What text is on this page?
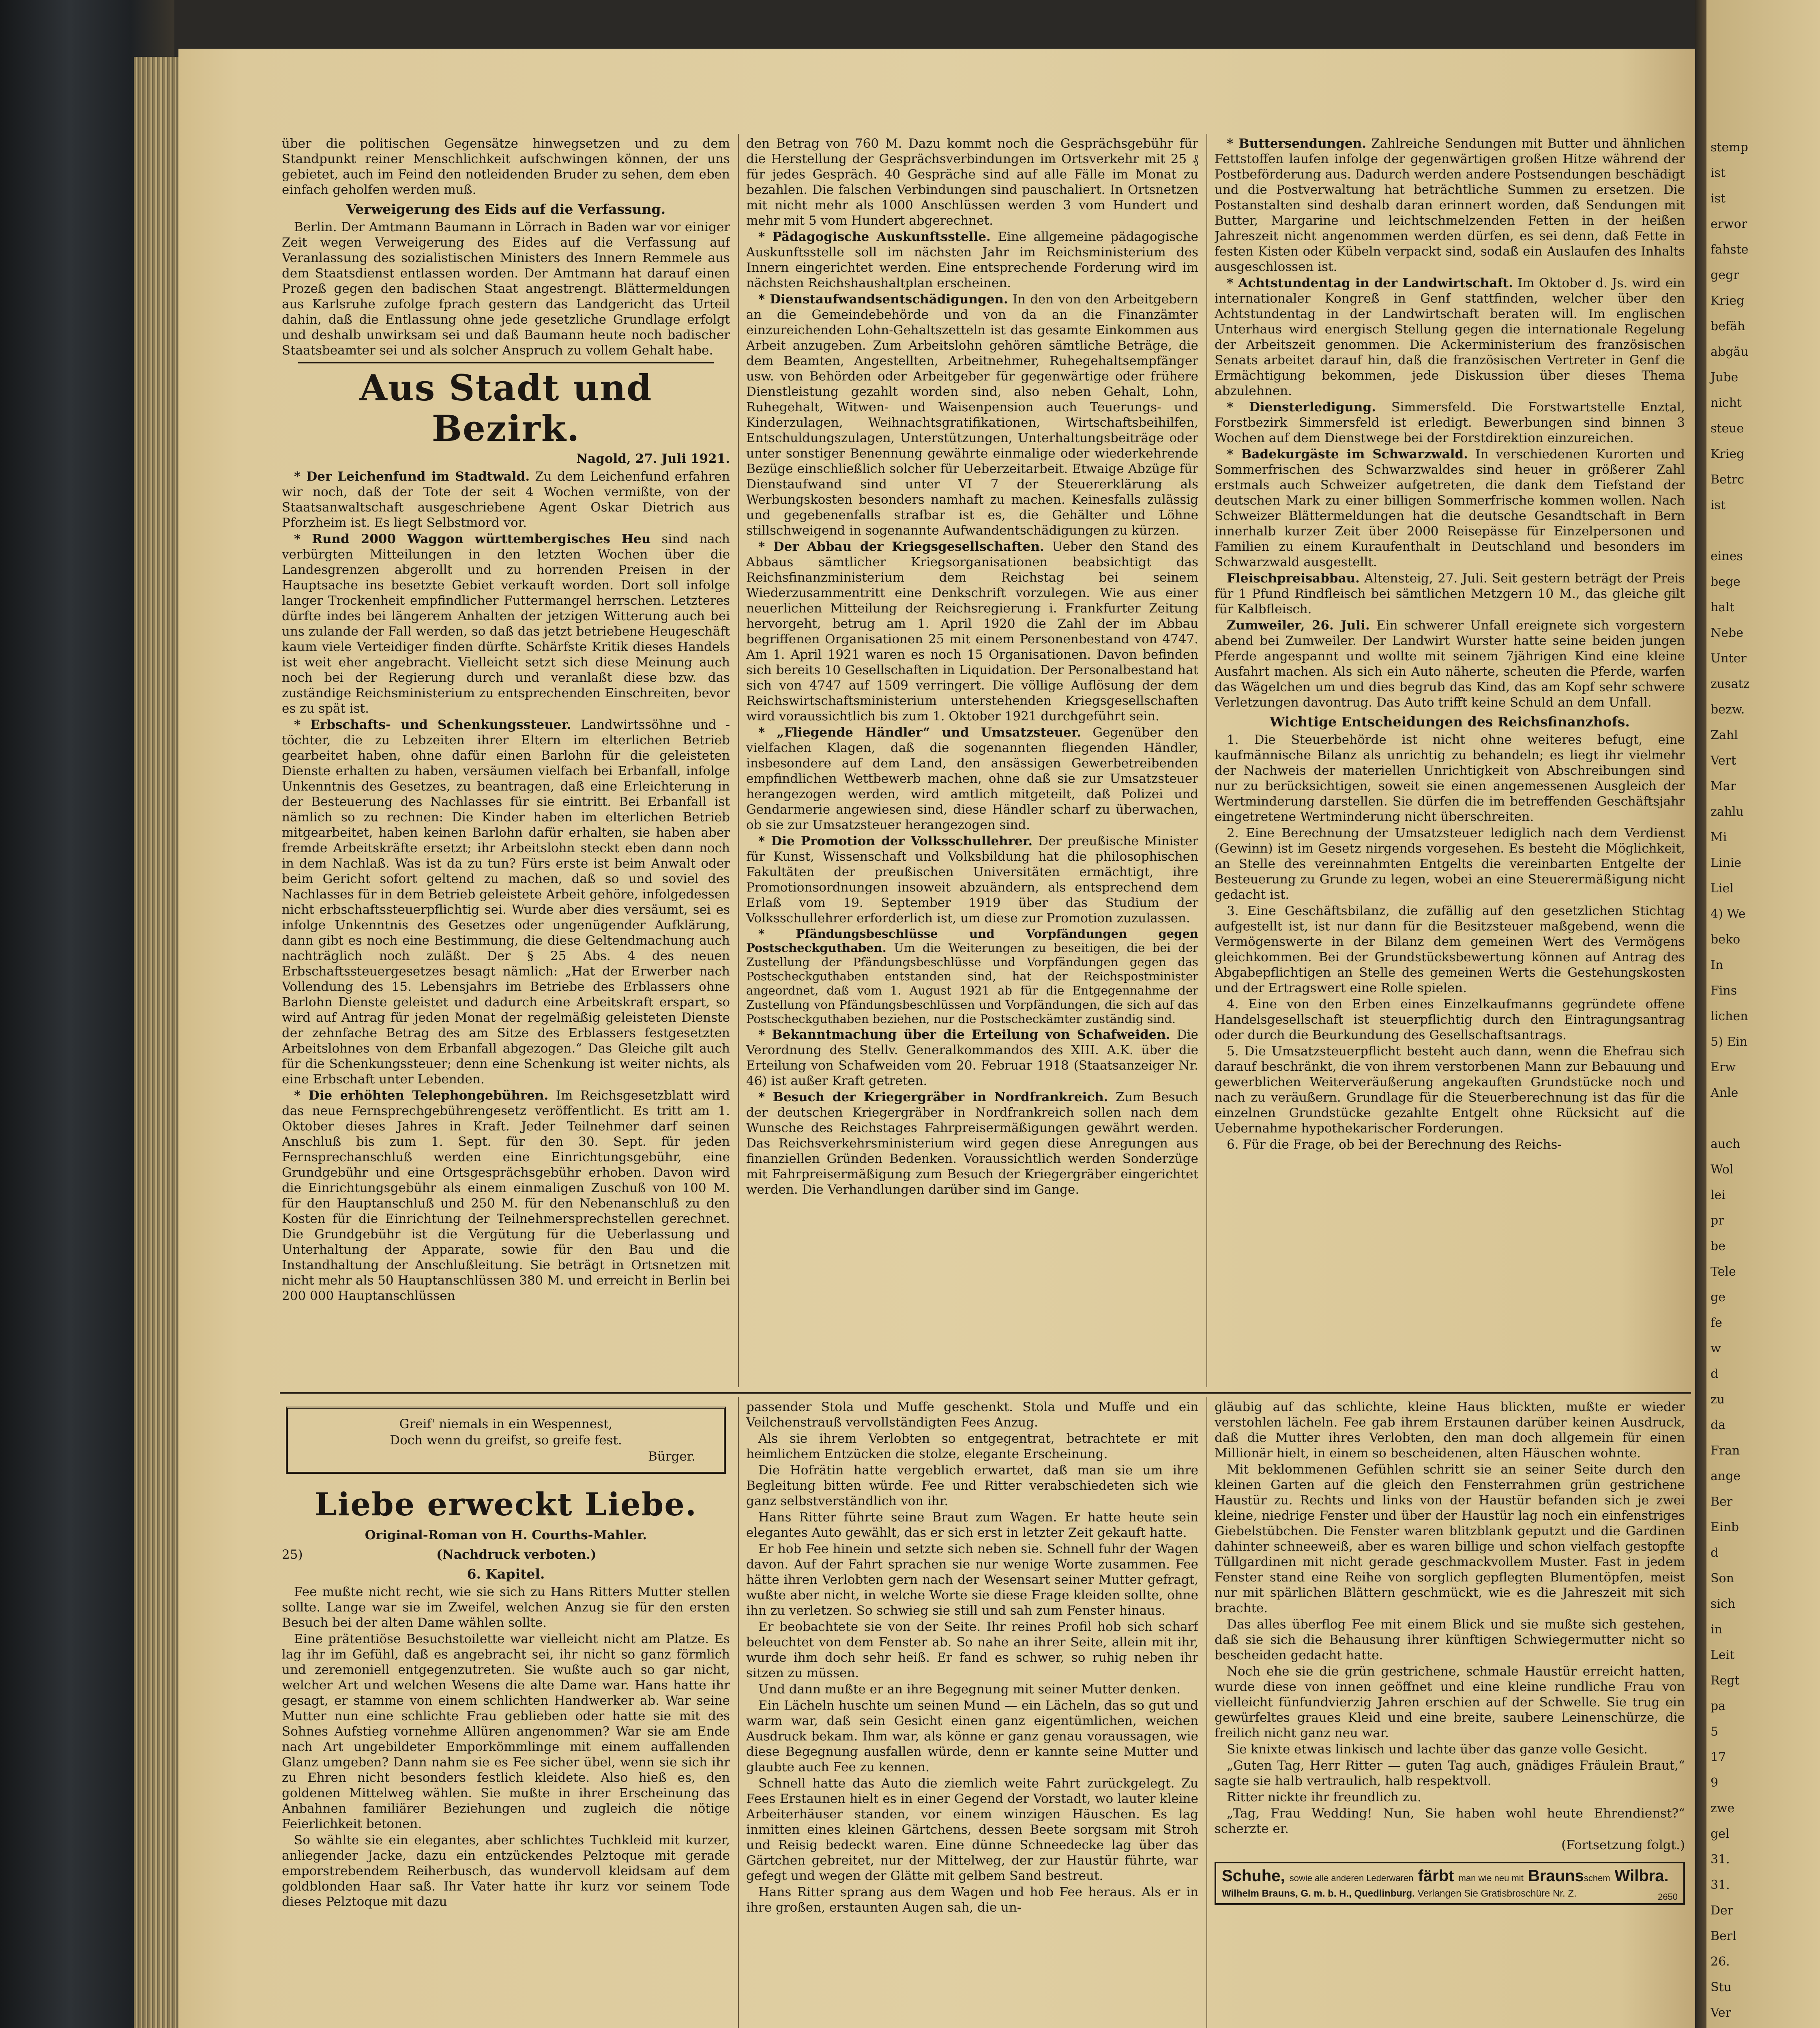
über die politischen Gegensätze hinwegsetzen und zu dem Standpunkt reiner Menschlichkeit aufschwingen können, der uns gebietet, auch im Feind den notleidenden Bruder zu sehen, dem eben einfach geholfen werden muß.

Verweigerung des Eids auf die Verfassung.

Berlin. Der Amtmann Baumann in Lörrach in Baden war vor einiger Zeit wegen Verweigerung des Eides auf die Verfassung auf Veranlassung des sozialistischen Ministers des Innern Remmele aus dem Staatsdienst entlassen worden. Der Amtmann hat darauf einen Prozeß gegen den badischen Staat angestrengt. Blättermeldungen aus Karlsruhe zufolge fprach gestern das Landgericht das Urteil dahin, daß die Entlassung ohne jede gesetzliche Grundlage erfolgt und deshalb unwirksam sei und daß Baumann heute noch badischer Staatsbeamter sei und als solcher Anspruch zu vollem Gehalt habe.

Aus Stadt und Bezirk.
Nagold, 27. Juli 1921.

* Der Leichenfund im Stadtwald. Zu dem Leichenfund erfahren wir noch, daß der Tote der seit 4 Wochen vermißte, von der Staatsanwaltschaft ausgeschriebene Agent Oskar Dietrich aus Pforzheim ist. Es liegt Selbstmord vor.

* Rund 2000 Waggon württembergisches Heu sind nach verbürgten Mitteilungen in den letzten Wochen über die Landesgrenzen abgerollt und zu horrenden Preisen in der Hauptsache ins besetzte Gebiet verkauft worden. Dort soll infolge langer Trockenheit empfindlicher Futtermangel herrschen. Letzteres dürfte indes bei längerem Anhalten der jetzigen Witterung auch bei uns zulande der Fall werden, so daß das jetzt betriebene Heugeschäft kaum viele Verteidiger finden dürfte. Schärfste Kritik dieses Handels ist weit eher angebracht. Vielleicht setzt sich diese Meinung auch noch bei der Regierung durch und veranlaßt diese bzw. das zuständige Reichsministerium zu entsprechenden Einschreiten, bevor es zu spät ist.

* Erbschafts- und Schenkungssteuer. Landwirtssöhne und -töchter, die zu Lebzeiten ihrer Eltern im elterlichen Betrieb gearbeitet haben, ohne dafür einen Barlohn für die geleisteten Dienste erhalten zu haben, versäumen vielfach bei Erbanfall, infolge Unkenntnis des Gesetzes, zu beantragen, daß eine Erleichterung in der Besteuerung des Nachlasses für sie eintritt. Bei Erbanfall ist nämlich so zu rechnen: Die Kinder haben im elterlichen Betrieb mitgearbeitet, haben keinen Barlohn dafür erhalten, sie haben aber fremde Arbeitskräfte ersetzt; ihr Arbeitslohn steckt eben dann noch in dem Nachlaß. Was ist da zu tun? Fürs erste ist beim Anwalt oder beim Gericht sofort geltend zu machen, daß so und soviel des Nachlasses für in dem Betrieb geleistete Arbeit gehöre, infolgedessen nicht erbschaftssteuerpflichtig sei. Wurde aber dies versäumt, sei es infolge Unkenntnis des Gesetzes oder ungenügender Aufklärung, dann gibt es noch eine Bestimmung, die diese Geltendmachung auch nachträglich noch zuläßt. Der § 25 Abs. 4 des neuen Erbschaftssteuergesetzes besagt nämlich: „Hat der Erwerber nach Vollendung des 15. Lebensjahrs im Betriebe des Erblassers ohne Barlohn Dienste geleistet und dadurch eine Arbeitskraft erspart, so wird auf Antrag für jeden Monat der regelmäßig geleisteten Dienste der zehnfache Betrag des am Sitze des Erblassers festgesetzten Arbeitslohnes von dem Erbanfall abgezogen.“ Das Gleiche gilt auch für die Schenkungssteuer; denn eine Schenkung ist weiter nichts, als eine Erbschaft unter Lebenden.

* Die erhöhten Telephongebühren. Im Reichsgesetzblatt wird das neue Fernsprechgebührengesetz veröffentlicht. Es tritt am 1. Oktober dieses Jahres in Kraft. Jeder Teilnehmer darf seinen Anschluß bis zum 1. Sept. für den 30. Sept. für jeden Fernsprechanschluß werden eine Einrichtungsgebühr, eine Grundgebühr und eine Ortsgesprächsgebühr erhoben. Davon wird die Einrichtungsgebühr als einem einmaligen Zuschuß von 100 M. für den Hauptanschluß und 250 M. für den Nebenanschluß zu den Kosten für die Einrichtung der Teilnehmersprechstellen gerechnet. Die Grundgebühr ist die Vergütung für die Ueberlassung und Unterhaltung der Apparate, sowie für den Bau und die Instandhaltung der Anschlußleitung. Sie beträgt in Ortsnetzen mit nicht mehr als 50 Hauptanschlüssen 380 M. und erreicht in Berlin bei 200 000 Hauptanschlüssen

den Betrag von 760 M. Dazu kommt noch die Gesprächsgebühr für die Herstellung der Gesprächsverbindungen im Ortsverkehr mit 25 ₰ für jedes Gespräch. 40 Gespräche sind auf alle Fälle im Monat zu bezahlen. Die falschen Verbindungen sind pauschaliert. In Ortsnetzen mit nicht mehr als 1000 Anschlüssen werden 3 vom Hundert und mehr mit 5 vom Hundert abgerechnet.

* Pädagogische Auskunftsstelle. Eine allgemeine pädagogische Auskunftsstelle soll im nächsten Jahr im Reichsministerium des Innern eingerichtet werden. Eine entsprechende Forderung wird im nächsten Reichshaushaltplan erscheinen.

* Dienstaufwandsentschädigungen. In den von den Arbeitgebern an die Gemeindebehörde und von da an die Finanzämter einzureichenden Lohn-Gehaltszetteln ist das gesamte Einkommen aus Arbeit anzugeben. Zum Arbeitslohn gehören sämtliche Beträge, die dem Beamten, Angestellten, Arbeitnehmer, Ruhegehaltsempfänger usw. von Behörden oder Arbeitgeber für gegenwärtige oder frühere Dienstleistung gezahlt worden sind, also neben Gehalt, Lohn, Ruhegehalt, Witwen- und Waisenpension auch Teuerungs- und Kinderzulagen, Weihnachtsgratifikationen, Wirtschaftsbeihilfen, Entschuldungszulagen, Unterstützungen, Unterhaltungsbeiträge oder unter sonstiger Benennung gewährte einmalige oder wiederkehrende Bezüge einschließlich solcher für Ueberzeitarbeit. Etwaige Abzüge für Dienstaufwand sind unter VI 7 der Steuererklärung als Werbungskosten besonders namhaft zu machen. Keinesfalls zulässig und gegebenenfalls strafbar ist es, die Gehälter und Löhne stillschweigend in sogenannte Aufwandentschädigungen zu kürzen.

* Der Abbau der Kriegsgesellschaften. Ueber den Stand des Abbaus sämtlicher Kriegsorganisationen beabsichtigt das Reichsfinanzministerium dem Reichstag bei seinem Wiederzusammentritt eine Denkschrift vorzulegen. Wie aus einer neuerlichen Mitteilung der Reichsregierung i. Frankfurter Zeitung hervorgeht, betrug am 1. April 1920 die Zahl der im Abbau begriffenen Organisationen 25 mit einem Personenbestand von 4747. Am 1. April 1921 waren es noch 15 Organisationen. Davon befinden sich bereits 10 Gesellschaften in Liquidation. Der Personalbestand hat sich von 4747 auf 1509 verringert. Die völlige Auflösung der dem Reichswirtschaftsministerium unterstehenden Kriegsgesellschaften wird voraussichtlich bis zum 1. Oktober 1921 durchgeführt sein.

* „Fliegende Händler“ und Umsatzsteuer. Gegenüber den vielfachen Klagen, daß die sogenannten fliegenden Händler, insbesondere auf dem Land, den ansässigen Gewerbetreibenden empfindlichen Wettbewerb machen, ohne daß sie zur Umsatzsteuer herangezogen werden, wird amtlich mitgeteilt, daß Polizei und Gendarmerie angewiesen sind, diese Händler scharf zu überwachen, ob sie zur Umsatzsteuer herangezogen sind.

* Die Promotion der Volksschullehrer. Der preußische Minister für Kunst, Wissenschaft und Volksbildung hat die philosophischen Fakultäten der preußischen Universitäten ermächtigt, ihre Promotionsordnungen insoweit abzuändern, als entsprechend dem Erlaß vom 19. September 1919 über das Studium der Volksschullehrer erforderlich ist, um diese zur Promotion zuzulassen.

* Pfändungsbeschlüsse und Vorpfändungen gegen Postscheckguthaben. Um die Weiterungen zu beseitigen, die bei der Zustellung der Pfändungsbeschlüsse und Vorpfändungen gegen das Postscheckguthaben entstanden sind, hat der Reichspostminister angeordnet, daß vom 1. August 1921 ab für die Entgegennahme der Zustellung von Pfändungsbeschlüssen und Vorpfändungen, die sich auf das Postscheckguthaben beziehen, nur die Postscheckämter zuständig sind.

* Bekanntmachung über die Erteilung von Schafweiden. Die Verordnung des Stellv. Generalkommandos des XIII. A.K. über die Erteilung von Schafweiden vom 20. Februar 1918 (Staatsanzeiger Nr. 46) ist außer Kraft getreten.

* Besuch der Kriegergräber in Nordfrankreich. Zum Besuch der deutschen Kriegergräber in Nordfrankreich sollen nach dem Wunsche des Reichstages Fahrpreisermäßigungen gewährt werden. Das Reichsverkehrsministerium wird gegen diese Anregungen aus finanziellen Gründen Bedenken. Voraussichtlich werden Sonderzüge mit Fahrpreisermäßigung zum Besuch der Kriegergräber eingerichtet werden. Die Verhandlungen darüber sind im Gange.

* Buttersendungen. Zahlreiche Sendungen mit Butter und ähnlichen Fettstoffen laufen infolge der gegenwärtigen großen Hitze während der Postbeförderung aus. Dadurch werden andere Postsendungen beschädigt und die Postverwaltung hat beträchtliche Summen zu ersetzen. Die Postanstalten sind deshalb daran erinnert worden, daß Sendungen mit Butter, Margarine und leichtschmelzenden Fetten in der heißen Jahreszeit nicht angenommen werden dürfen, es sei denn, daß Fette in festen Kisten oder Kübeln verpackt sind, sodaß ein Auslaufen des Inhalts ausgeschlossen ist.

* Achtstundentag in der Landwirtschaft. Im Oktober d. Js. wird ein internationaler Kongreß in Genf stattfinden, welcher über den Achtstundentag in der Landwirtschaft beraten will. Im englischen Unterhaus wird energisch Stellung gegen die internationale Regelung der Arbeitszeit genommen. Die Ackerministerium des französischen Senats arbeitet darauf hin, daß die französischen Vertreter in Genf die Ermächtigung bekommen, jede Diskussion über dieses Thema abzulehnen.

* Diensterledigung. Simmersfeld. Die Forstwartstelle Enztal, Forstbezirk Simmersfeld ist erledigt. Bewerbungen sind binnen 3 Wochen auf dem Dienstwege bei der Forstdirektion einzureichen.

* Badekurgäste im Schwarzwald. In verschiedenen Kurorten und Sommerfrischen des Schwarzwaldes sind heuer in größerer Zahl erstmals auch Schweizer aufgetreten, die dank dem Tiefstand der deutschen Mark zu einer billigen Sommerfrische kommen wollen. Nach Schweizer Blättermeldungen hat die deutsche Gesandtschaft in Bern innerhalb kurzer Zeit über 2000 Reisepässe für Einzelpersonen und Familien zu einem Kuraufenthalt in Deutschland und besonders im Schwarzwald ausgestellt.

Fleischpreisabbau. Altensteig, 27. Juli. Seit gestern beträgt der Preis für 1 Pfund Rindfleisch bei sämtlichen Metzgern 10 M., das gleiche gilt für Kalbfleisch.

Zumweiler, 26. Juli. Ein schwerer Unfall ereignete sich vorgestern abend bei Zumweiler. Der Landwirt Wurster hatte seine beiden jungen Pferde angespannt und wollte mit seinem 7jährigen Kind eine kleine Ausfahrt machen. Als sich ein Auto näherte, scheuten die Pferde, warfen das Wägelchen um und dies begrub das Kind, das am Kopf sehr schwere Verletzungen davontrug. Das Auto trifft keine Schuld an dem Unfall.

Wichtige Entscheidungen des Reichsfinanzhofs.

1. Die Steuerbehörde ist nicht ohne weiteres befugt, eine kaufmännische Bilanz als unrichtig zu behandeln; es liegt ihr vielmehr der Nachweis der materiellen Unrichtigkeit von Abschreibungen sind nur zu berücksichtigen, soweit sie einen angemessenen Ausgleich der Wertminderung darstellen. Sie dürfen die im betreffenden Geschäftsjahr eingetretene Wertminderung nicht überschreiten.

2. Eine Berechnung der Umsatzsteuer lediglich nach dem Verdienst (Gewinn) ist im Gesetz nirgends vorgesehen. Es besteht die Möglichkeit, an Stelle des vereinnahmten Entgelts die vereinbarten Entgelte der Besteuerung zu Grunde zu legen, wobei an eine Steuerermäßigung nicht gedacht ist.

3. Eine Geschäftsbilanz, die zufällig auf den gesetzlichen Stichtag aufgestellt ist, ist nur dann für die Besitzsteuer maßgebend, wenn die Vermögenswerte in der Bilanz dem gemeinen Wert des Vermögens gleichkommen. Bei der Grundstücksbewertung können auf Antrag des Abgabepflichtigen an Stelle des gemeinen Werts die Gestehungskosten und der Ertragswert eine Rolle spielen.

4. Eine von den Erben eines Einzelkaufmanns gegründete offene Handelsgesellschaft ist steuerpflichtig durch den Eintragungsantrag oder durch die Beurkundung des Gesellschaftsantrags.

5. Die Umsatzsteuerpflicht besteht auch dann, wenn die Ehefrau sich darauf beschränkt, die von ihrem verstorbenen Mann zur Bebauung und gewerblichen Weiterveräußerung angekauften Grundstücke noch und nach zu veräußern. Grundlage für die Steuerberechnung ist das für die einzelnen Grundstücke gezahlte Entgelt ohne Rücksicht auf die Uebernahme hypothekarischer Forderungen.

6. Für die Frage, ob bei der Berechnung des Reichs-

Greif' niemals in ein Wespennest,
Doch wenn du greifst, so greife fest.
Bürger.
Liebe erweckt Liebe.
Original-Roman von H. Courths-Mahler.
25)	(Nachdruck verboten.)
6. Kapitel.

Fee mußte nicht recht, wie sie sich zu Hans Ritters Mutter stellen sollte. Lange war sie im Zweifel, welchen Anzug sie für den ersten Besuch bei der alten Dame wählen sollte.

Eine prätentiöse Besuchstoilette war vielleicht nicht am Platze. Es lag ihr im Gefühl, daß es angebracht sei, ihr nicht so ganz förmlich und zeremoniell entgegenzutreten. Sie wußte auch so gar nicht, welcher Art und welchen Wesens die alte Dame war. Hans hatte ihr gesagt, er stamme von einem schlichten Handwerker ab. War seine Mutter nun eine schlichte Frau geblieben oder hatte sie mit des Sohnes Aufstieg vornehme Allüren angenommen? War sie am Ende nach Art ungebildeter Emporkömmlinge mit einem auffallenden Glanz umgeben? Dann nahm sie es Fee sicher übel, wenn sie sich ihr zu Ehren nicht besonders festlich kleidete. Also hieß es, den goldenen Mittelweg wählen. Sie mußte in ihrer Erscheinung das Anbahnen familiärer Beziehungen und zugleich die nötige Feierlichkeit betonen.

So wählte sie ein elegantes, aber schlichtes Tuchkleid mit kurzer, anliegender Jacke, dazu ein entzückendes Pelztoque mit gerade emporstrebendem Reiherbusch, das wundervoll kleidsam auf dem goldblonden Haar saß. Ihr Vater hatte ihr kurz vor seinem Tode dieses Pelztoque mit dazu

passender Stola und Muffe geschenkt. Stola und Muffe und ein Veilchenstrauß vervollständigten Fees Anzug.

Als sie ihrem Verlobten so entgegentrat, betrachtete er mit heimlichem Entzücken die stolze, elegante Erscheinung.

Die Hofrätin hatte vergeblich erwartet, daß man sie um ihre Begleitung bitten würde. Fee und Ritter verabschiedeten sich wie ganz selbstverständlich von ihr.

Hans Ritter führte seine Braut zum Wagen. Er hatte heute sein elegantes Auto gewählt, das er sich erst in letzter Zeit gekauft hatte.

Er hob Fee hinein und setzte sich neben sie. Schnell fuhr der Wagen davon. Auf der Fahrt sprachen sie nur wenige Worte zusammen. Fee hätte ihren Verlobten gern nach der Wesensart seiner Mutter gefragt, wußte aber nicht, in welche Worte sie diese Frage kleiden sollte, ohne ihn zu verletzen. So schwieg sie still und sah zum Fenster hinaus.

Er beobachtete sie von der Seite. Ihr reines Profil hob sich scharf beleuchtet von dem Fenster ab. So nahe an ihrer Seite, allein mit ihr, wurde ihm doch sehr heiß. Er fand es schwer, so ruhig neben ihr sitzen zu müssen.

Und dann mußte er an ihre Begegnung mit seiner Mutter denken.

Ein Lächeln huschte um seinen Mund — ein Lächeln, das so gut und warm war, daß sein Gesicht einen ganz eigentümlichen, weichen Ausdruck bekam. Ihm war, als könne er ganz genau voraussagen, wie diese Begegnung ausfallen würde, denn er kannte seine Mutter und glaubte auch Fee zu kennen.

Schnell hatte das Auto die ziemlich weite Fahrt zurückgelegt. Zu Fees Erstaunen hielt es in einer Gegend der Vorstadt, wo lauter kleine Arbeiterhäuser standen, vor einem winzigen Häuschen. Es lag inmitten eines kleinen Gärtchens, dessen Beete sorgsam mit Stroh und Reisig bedeckt waren. Eine dünne Schneedecke lag über das Gärtchen gebreitet, nur der Mittelweg, der zur Haustür führte, war gefegt und wegen der Glätte mit gelbem Sand bestreut.

Hans Ritter sprang aus dem Wagen und hob Fee heraus. Als er in ihre großen, erstaunten Augen sah, die un-

gläubig auf das schlichte, kleine Haus blickten, mußte er wieder verstohlen lächeln. Fee gab ihrem Erstaunen darüber keinen Ausdruck, daß die Mutter ihres Verlobten, den man doch allgemein für einen Millionär hielt, in einem so bescheidenen, alten Häuschen wohnte.

Mit beklommenen Gefühlen schritt sie an seiner Seite durch den kleinen Garten auf die gleich den Fensterrahmen grün gestrichene Haustür zu. Rechts und links von der Haustür befanden sich je zwei kleine, niedrige Fenster und über der Haustür lag noch ein einfenstriges Giebelstübchen. Die Fenster waren blitzblank geputzt und die Gardinen dahinter schneeweiß, aber es waren billige und schon vielfach gestopfte Tüllgardinen mit nicht gerade geschmackvollem Muster. Fast in jedem Fenster stand eine Reihe von sorglich gepflegten Blumentöpfen, meist nur mit spärlichen Blättern geschmückt, wie es die Jahreszeit mit sich brachte.

Das alles überflog Fee mit einem Blick und sie mußte sich gestehen, daß sie sich die Behausung ihrer künftigen Schwiegermutter nicht so bescheiden gedacht hatte.

Noch ehe sie die grün gestrichene, schmale Haustür erreicht hatten, wurde diese von innen geöffnet und eine kleine rundliche Frau von vielleicht fünfundvierzig Jahren erschien auf der Schwelle. Sie trug ein gewürfeltes graues Kleid und eine breite, saubere Leinenschürze, die freilich nicht ganz neu war.

Sie knixte etwas linkisch und lachte über das ganze volle Gesicht.

„Guten Tag, Herr Ritter — guten Tag auch, gnädiges Fräulein Braut,“ sagte sie halb vertraulich, halb respektvoll.

Ritter nickte ihr freundlich zu.

„Tag, Frau Wedding! Nun, Sie haben wohl heute Ehrendienst?“ scherzte er.

(Fortsetzung folgt.)
Schuhe, sowie alle anderen Lederwaren färbt man wie neu mit Braunsschem Wilbra.
2650
Wilhelm Brauns, G. m. b. H., Quedlinburg. Verlangen Sie Gratisbroschüre Nr. Z.
stemp
ist
ist
erwor
fahste
gegr
Krieg
befäh
abgäu
Jube
nicht
steue
Krieg
Betrc
ist
eines
bege
halt
Nebe
Unter
zusatz
bezw.
Zahl
Vert
Mar
zahlu
Mi
Linie
Liel
4) We
beko
In
Fins
lichen
5) Ein
Erw
Anle
auch
Wol
lei
pr
be
Tele
ge
fe
w
d
zu
da
Fran
ange
Ber
Einb
d
Son
sich
in
Leit
Regt
pa
5
17
9
zwe
gel
31.
31.
Der
Berl
26.
Stu
Ver
